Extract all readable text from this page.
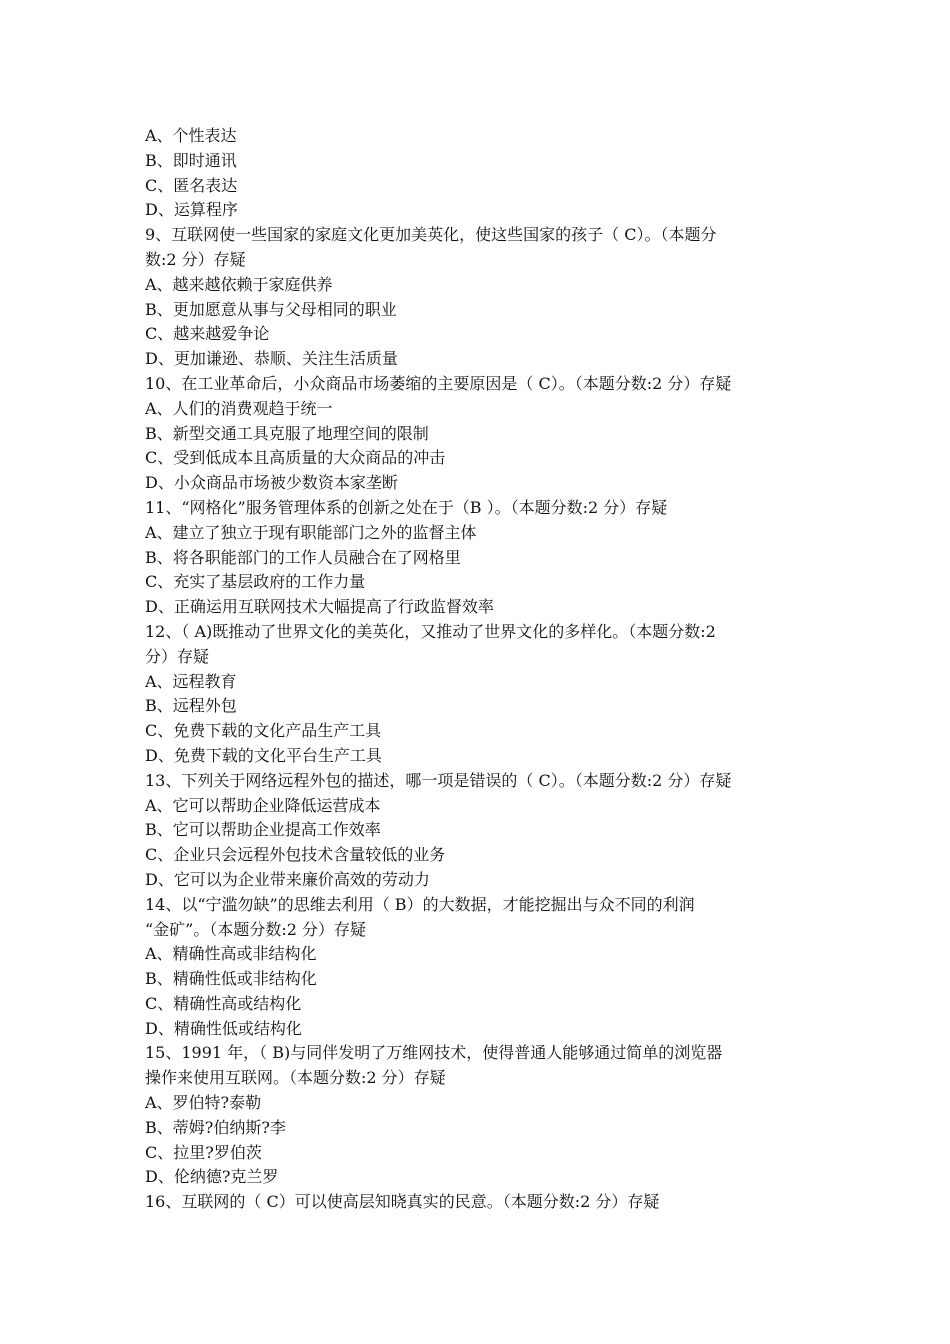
A、个性表达
B、即时通讯
C、匿名表达
D、运算程序
9、互联网使一些国家的家庭文化更加美英化，使这些国家的孩子（ C）。（本题分
数:2 分）存疑
A、越来越依赖于家庭供养
B、更加愿意从事与父母相同的职业
C、越来越爱争论
D、更加谦逊、恭顺、关注生活质量
10、在工业革命后，小众商品市场萎缩的主要原因是（ C）。（本题分数:2 分）存疑
A、人们的消费观趋于统一
B、新型交通工具克服了地理空间的限制
C、受到低成本且高质量的大众商品的冲击
D、小众商品市场被少数资本家垄断
11、“网格化”服务管理体系的创新之处在于（B ）。（本题分数:2 分）存疑
A、建立了独立于现有职能部门之外的监督主体
B、将各职能部门的工作人员融合在了网格里
C、充实了基层政府的工作力量
D、正确运用互联网技术大幅提高了行政监督效率
12、（ A)既推动了世界文化的美英化，又推动了世界文化的多样化。（本题分数:2
分）存疑
A、远程教育
B、远程外包
C、免费下载的文化产品生产工具
D、免费下载的文化平台生产工具
13、下列关于网络远程外包的描述，哪一项是错误的（ C）。（本题分数:2 分）存疑
A、它可以帮助企业降低运营成本
B、它可以帮助企业提高工作效率
C、企业只会远程外包技术含量较低的业务
D、它可以为企业带来廉价高效的劳动力
14、以“宁滥勿缺”的思维去利用（ B）的大数据，才能挖掘出与众不同的利润
“金矿”。（本题分数:2 分）存疑
A、精确性高或非结构化
B、精确性低或非结构化
C、精确性高或结构化
D、精确性低或结构化
15、1991 年，（ B)与同伴发明了万维网技术，使得普通人能够通过简单的浏览器
操作来使用互联网。（本题分数:2 分）存疑
A、罗伯特?泰勒
B、蒂姆?伯纳斯?李
C、拉里?罗伯茨
D、伦纳德?克兰罗
16、互联网的（ C）可以使高层知晓真实的民意。（本题分数:2 分）存疑
